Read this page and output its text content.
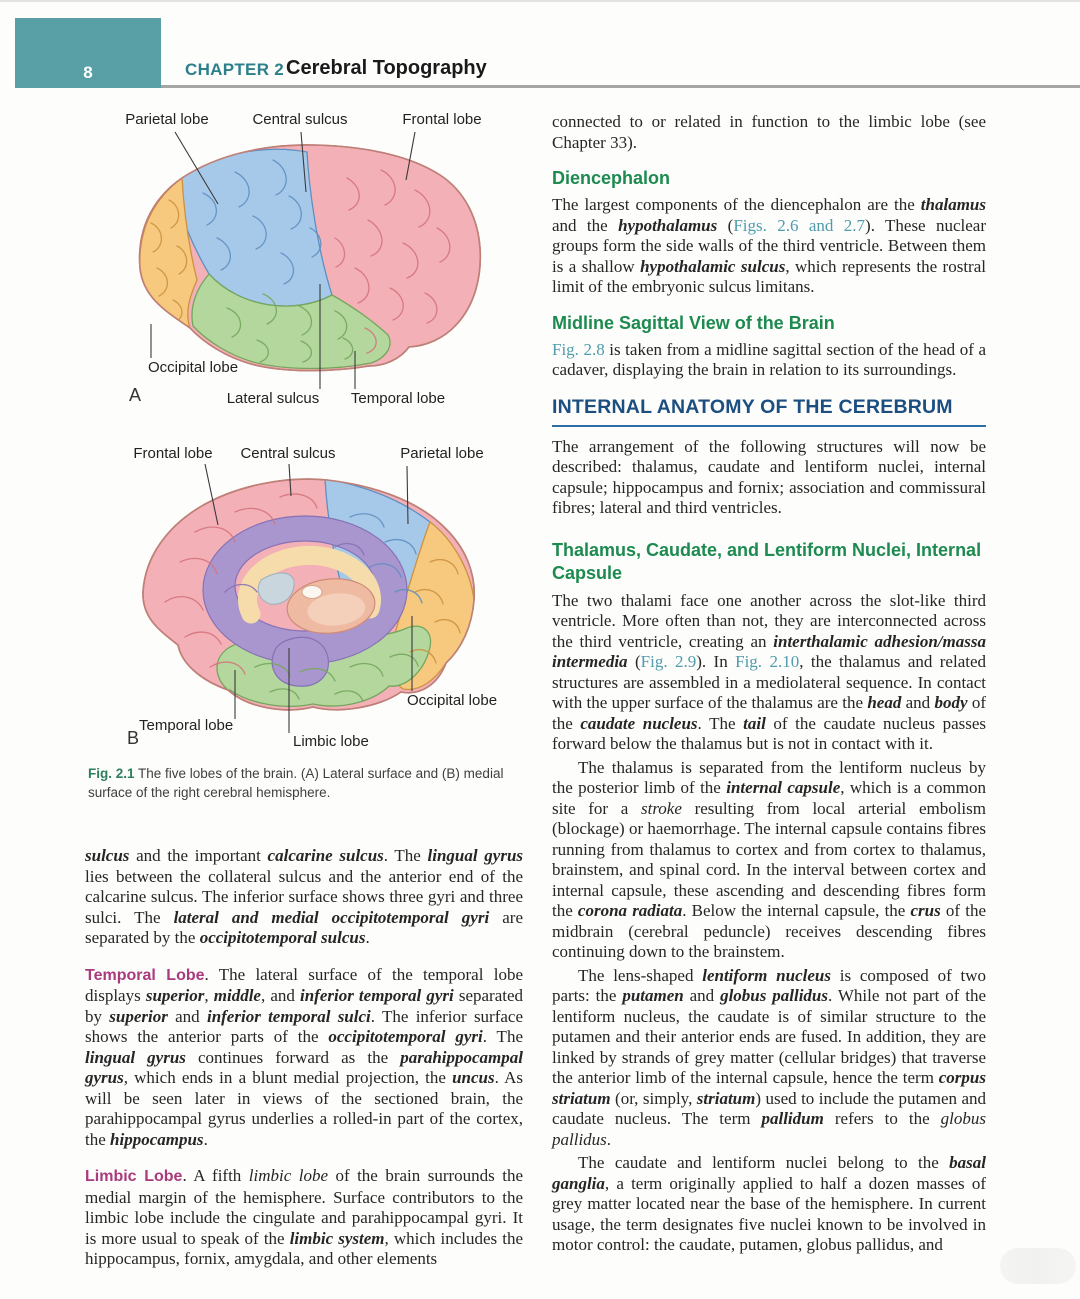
8	CHAPTER 2 Cerebral Topography
Parietal lobe	Central sulcus	Frontal lobe
Occipital lobe
Lateral sulcus Temporal lobe
A
Frontal lobe Central sulcus	Parietal lobe
Occipital lobe
Temporal lobe
Limbic lobe
B
Fig. 2.1 The five lobes of the brain. (A) Lateral surface and (B) medial surface of the right cerebral hemisphere.

sulcus and the important calcarine sulcus. The lingual gyrus lies between the collateral sulcus and the anterior end of the calcarine sulcus. The inferior surface shows three gyri and three sulci. The lateral and medial occipitotemporal gyri are separated by the occipitotemporal sulcus.

Temporal Lobe. The lateral surface of the temporal lobe displays superior, middle, and inferior temporal gyri separated by superior and inferior temporal sulci. The inferior surface shows the anterior parts of the occipitotemporal gyri. The lingual gyrus continues forward as the parahippocampal gyrus, which ends in a blunt medial projection, the uncus. As will be seen later in views of the sectioned brain, the parahippocampal gyrus underlies a rolled-in part of the cortex, the hippocampus.

Limbic Lobe. A fifth limbic lobe of the brain surrounds the medial margin of the hemisphere. Surface contributors to the limbic lobe include the cingulate and parahippocampal gyri. It is more usual to speak of the limbic system, which includes the hippocampus, fornix, amygdala, and other elements

connected to or related in function to the limbic lobe (see Chapter 33).

Diencephalon

The largest components of the diencephalon are the thalamus and the hypothalamus (Figs. 2.6 and 2.7). These nuclear groups form the side walls of the third ventricle. Between them is a shallow hypothalamic sulcus, which represents the rostral limit of the embryonic sulcus limitans.

Midline Sagittal View of the Brain

Fig. 2.8 is taken from a midline sagittal section of the head of a cadaver, displaying the brain in relation to its surroundings.

INTERNAL ANATOMY OF THE CEREBRUM

The arrangement of the following structures will now be described: thalamus, caudate and lentiform nuclei, internal capsule; hippocampus and fornix; association and commissural fibres; lateral and third ventricles.

Thalamus, Caudate, and Lentiform Nuclei, Internal Capsule

The two thalami face one another across the slot-like third ventricle. More often than not, they are interconnected across the third ventricle, creating an interthalamic adhesion/massa intermedia (Fig. 2.9). In Fig. 2.10, the thalamus and related structures are assembled in a mediolateral sequence. In contact with the upper surface of the thalamus are the head and body of the caudate nucleus. The tail of the caudate nucleus passes forward below the thalamus but is not in contact with it.

The thalamus is separated from the lentiform nucleus by the posterior limb of the internal capsule, which is a common site for a stroke resulting from local arterial embolism (blockage) or haemorrhage. The internal capsule contains fibres running from thalamus to cortex and from cortex to thalamus, brainstem, and spinal cord. In the interval between cortex and internal capsule, these ascending and descending fibres form the corona radiata. Below the internal capsule, the crus of the midbrain (cerebral peduncle) receives descending fibres continuing down to the brainstem.

The lens-shaped lentiform nucleus is composed of two parts: the putamen and globus pallidus. While not part of the lentiform nucleus, the caudate is of similar structure to the putamen and their anterior ends are fused. In addition, they are linked by strands of grey matter (cellular bridges) that traverse the anterior limb of the internal capsule, hence the term corpus striatum (or, simply, striatum) used to include the putamen and caudate nucleus. The term pallidum refers to the globus pallidus.

The caudate and lentiform nuclei belong to the basal ganglia, a term originally applied to half a dozen masses of grey matter located near the base of the hemisphere. In current usage, the term designates five nuclei known to be involved in motor control: the caudate, putamen, globus pallidus, and
